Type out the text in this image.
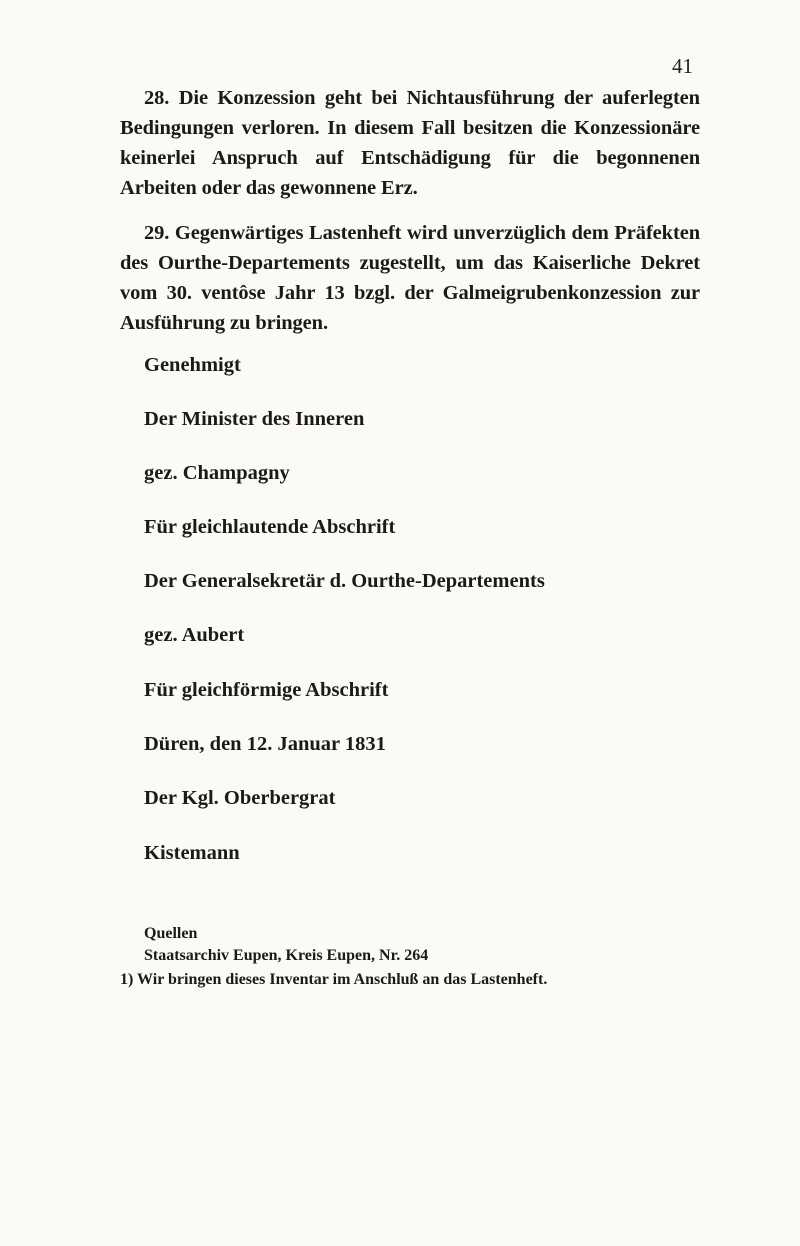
41

28. Die Konzession geht bei Nichtausführung der auferlegten Bedingungen verloren. In diesem Fall besitzen die Konzessionäre keinerlei Anspruch auf Entschädigung für die begonnenen Arbeiten oder das gewonnene Erz.

29. Gegenwärtiges Lastenheft wird unverzüglich dem Präfekten des Ourthe-Departements zugestellt, um das Kaiserliche Dekret vom 30. ventôse Jahr 13 bzgl. der Galmeigrubenkonzession zur Ausführung zu bringen.

Genehmigt

Der Minister des Inneren

gez. Champagny

Für gleichlautende Abschrift

Der Generalsekretär d. Ourthe-Departements

gez. Aubert

Für gleichförmige Abschrift

Düren, den 12. Januar 1831

Der Kgl. Oberbergrat

Kistemann

Quellen
Staatsarchiv Eupen, Kreis Eupen, Nr. 264
1) Wir bringen dieses Inventar im Anschluß an das Lastenheft.
